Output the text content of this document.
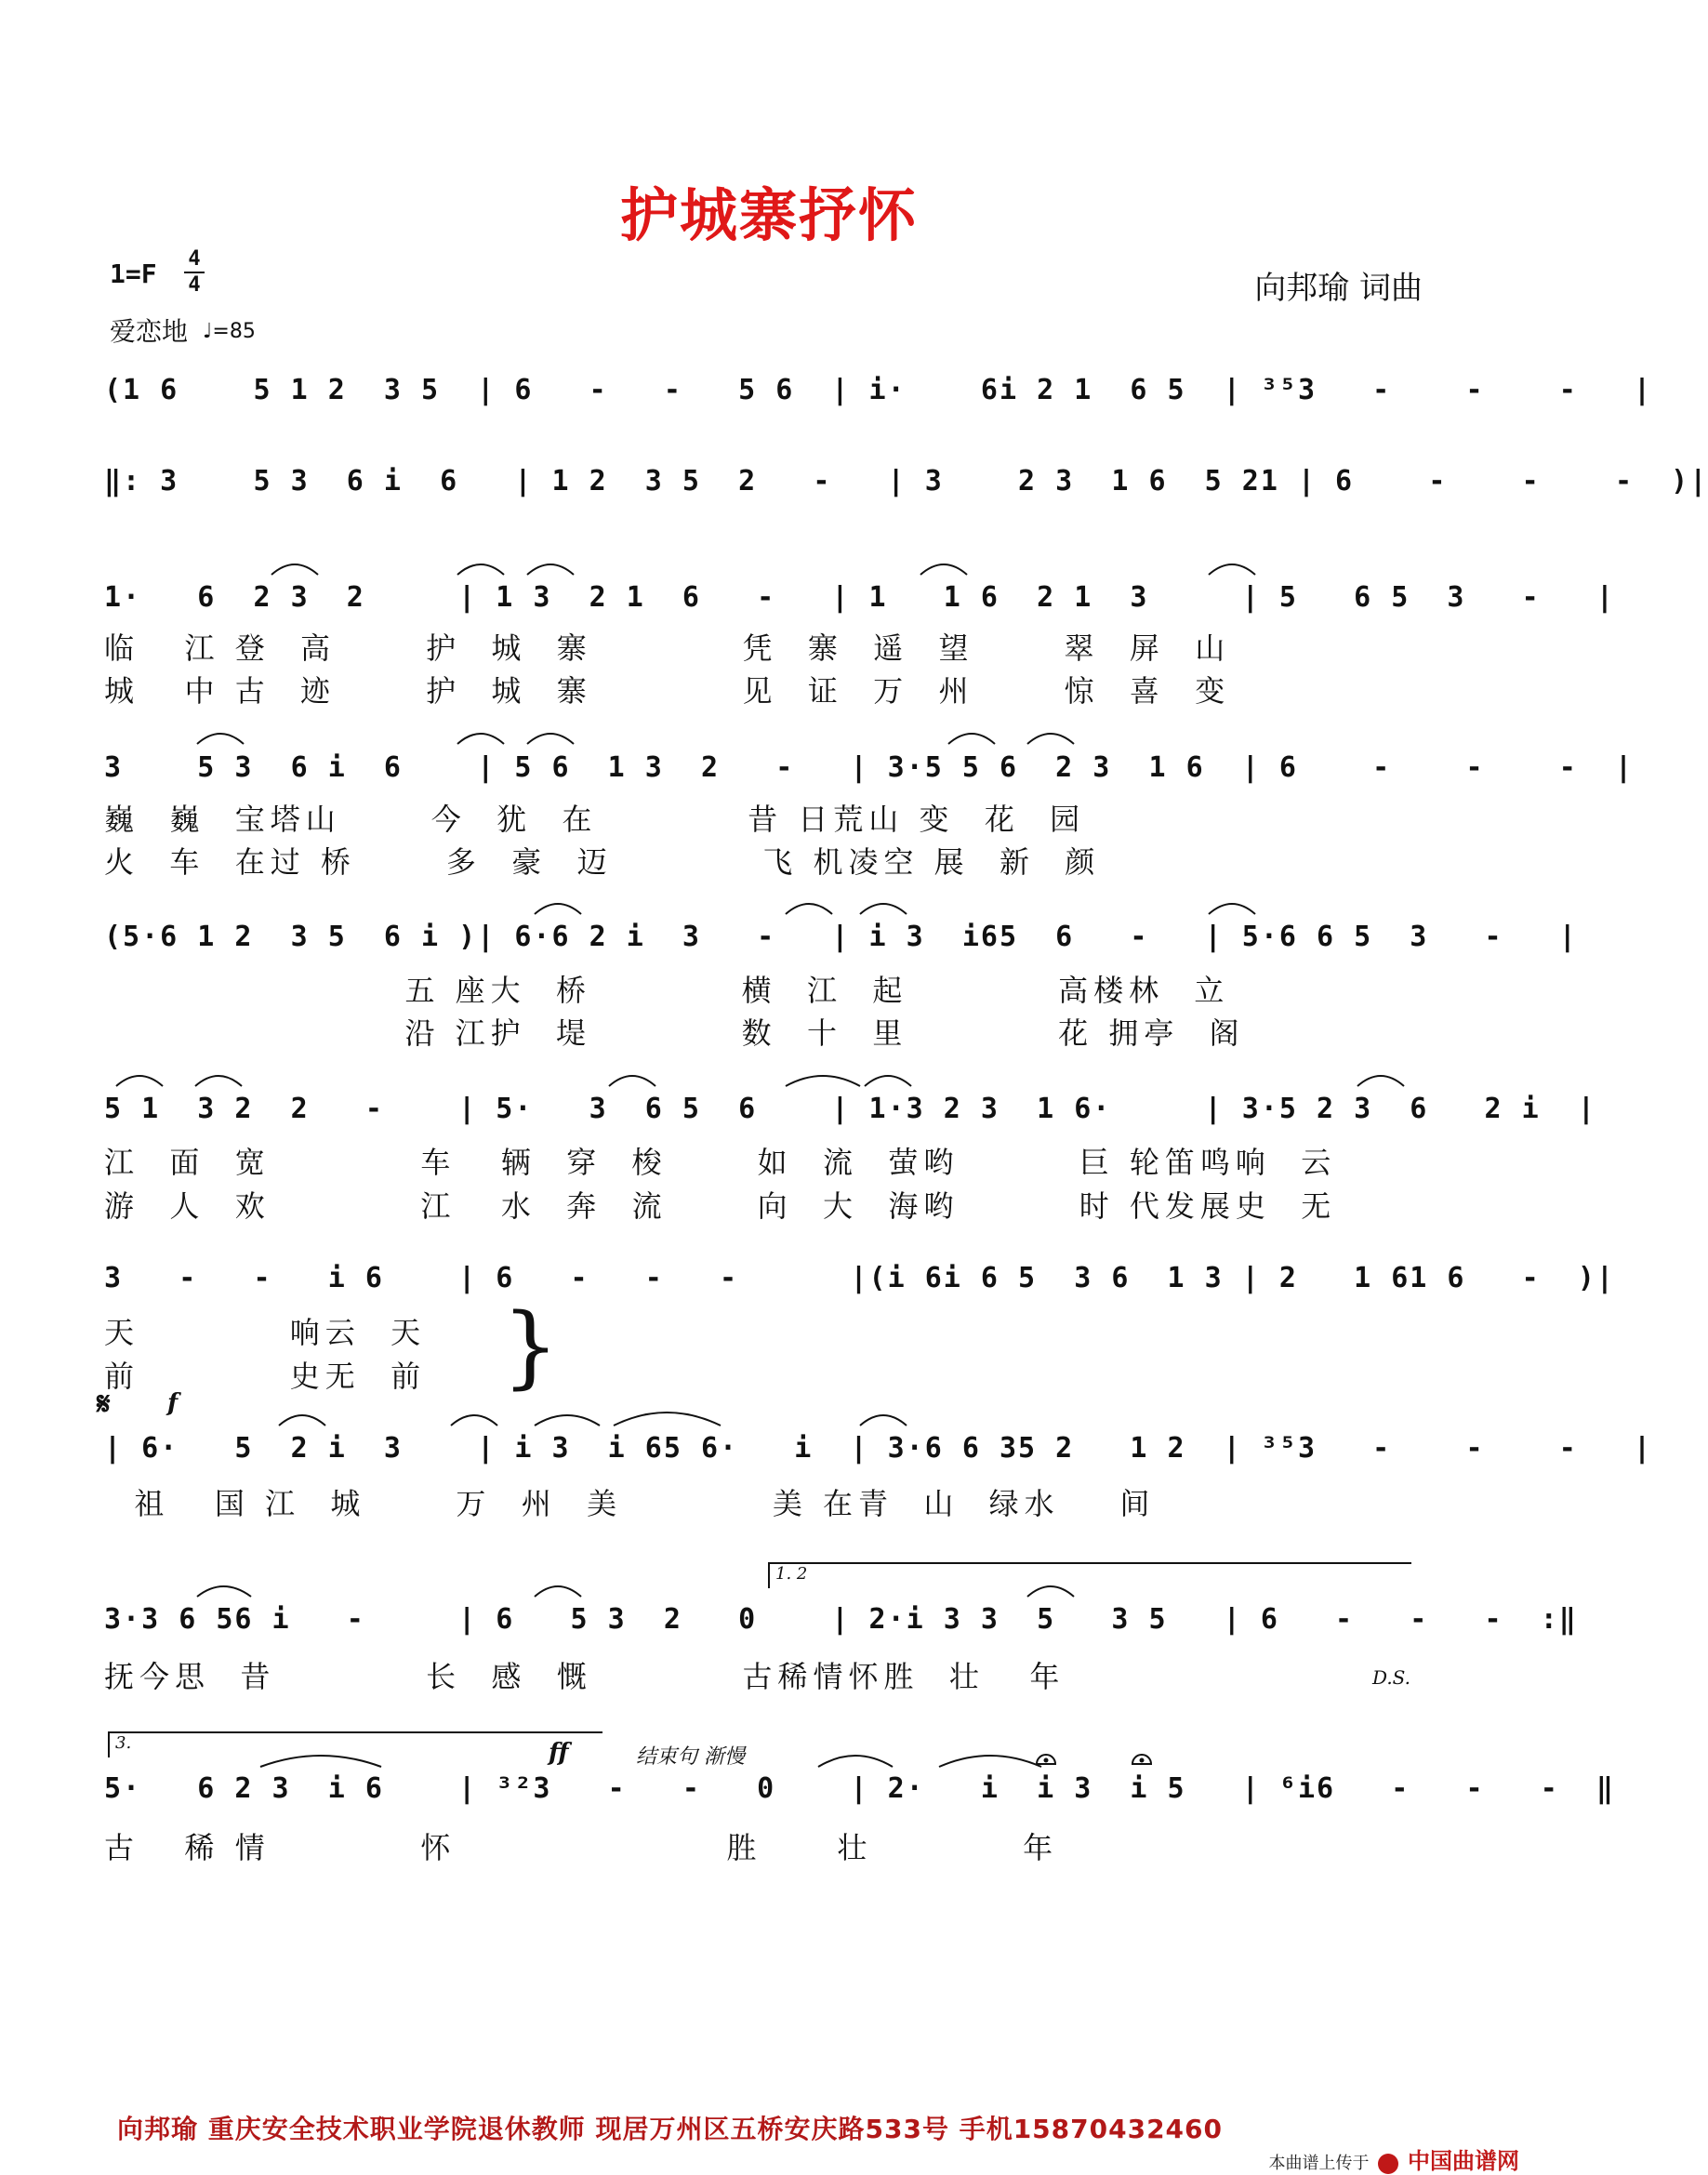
护城寨抒怀
1=F 4
4
爱恋地 ♩=85
向邦瑜 词曲
(1 6    5 1 2  3 5  | 6   -   -   5 6  | i·    6i 2 1  6 5  | ³⁵3   -    -    -   |
‖: 3    5 3  6 i  6   | 1 2  3 5  2   -   | 3    2 3  1 6  5 21 | 6    -    -    -  )|
1·   6  2 3  2     | 1 3  2 1  6   -   | 1   1 6  2 1  3     | 5   6 5  3   -   |
临   江 登  高      护  城  寨          凭  寨  遥  望      翠  屏  山
城   中 古  迹      护  城  寨          见  证  万  州      惊  喜  变
3    5 3  6 i  6    | 5 6  1 3  2   -   | 3·5 5 6  2 3  1 6  | 6    -    -    -  |
巍  巍  宝塔山      今  犹  在          昔 日荒山 变  花  园
火  车  在过 桥      多  豪  迈          飞 机凌空 展  新  颜
(5·6 1 2  3 5  6 i )| 6·6 2 i  3   -   | i 3  i65  6   -   | 5·6 6 5  3   -   |
五 座大  桥          横  江  起          高楼林  立
沿 江护  堤          数  十  里          花 拥亭  阁
5 1  3 2  2   -    | 5·   3  6 5  6    | 1·3 2 3  1 6·     | 3·5 2 3  6   2 i  |
江  面  宽          车   辆  穿  梭      如  流  萤哟        巨 轮笛鸣响  云
游  人  欢          江   水  奔  流      向  大  海哟        时 代发展史  无
3   -   -   i 6    | 6   -   -   -      |(i 6i 6 5  3 6  1 3 | 2   1 61 6   -  )|
天          响云  天
前          史无  前
| 6·   5  2 i  3    | i 3  i 65 6·   i  | 3·6 6 35 2   1 2  | ³⁵3   -    -    -   |
祖   国 江  城      万  州  美          美 在青  山  绿水    间
3·3 6 56 i   -     | 6   5 3  2   0    | 2·i 3 3  5   3 5   | 6   -   -   -  :‖
抚今思  昔          长  感  慨          古稀情怀胜  壮   年
5·   6 2 3  i 6    | ³²3   -   -   0    | 2·   i  i 3  i 5   | ⁶i6   -   -   -  ‖
古   稀 情          怀                  胜     壮          年
}
𝄋 f
ff	结束句 渐慢
D.S.
1. 2
3.
向邦瑜 重庆安全技术职业学院退休教师 现居万州区五桥安庆路533号 手机15870432460
本曲谱上传于 中国曲谱网
